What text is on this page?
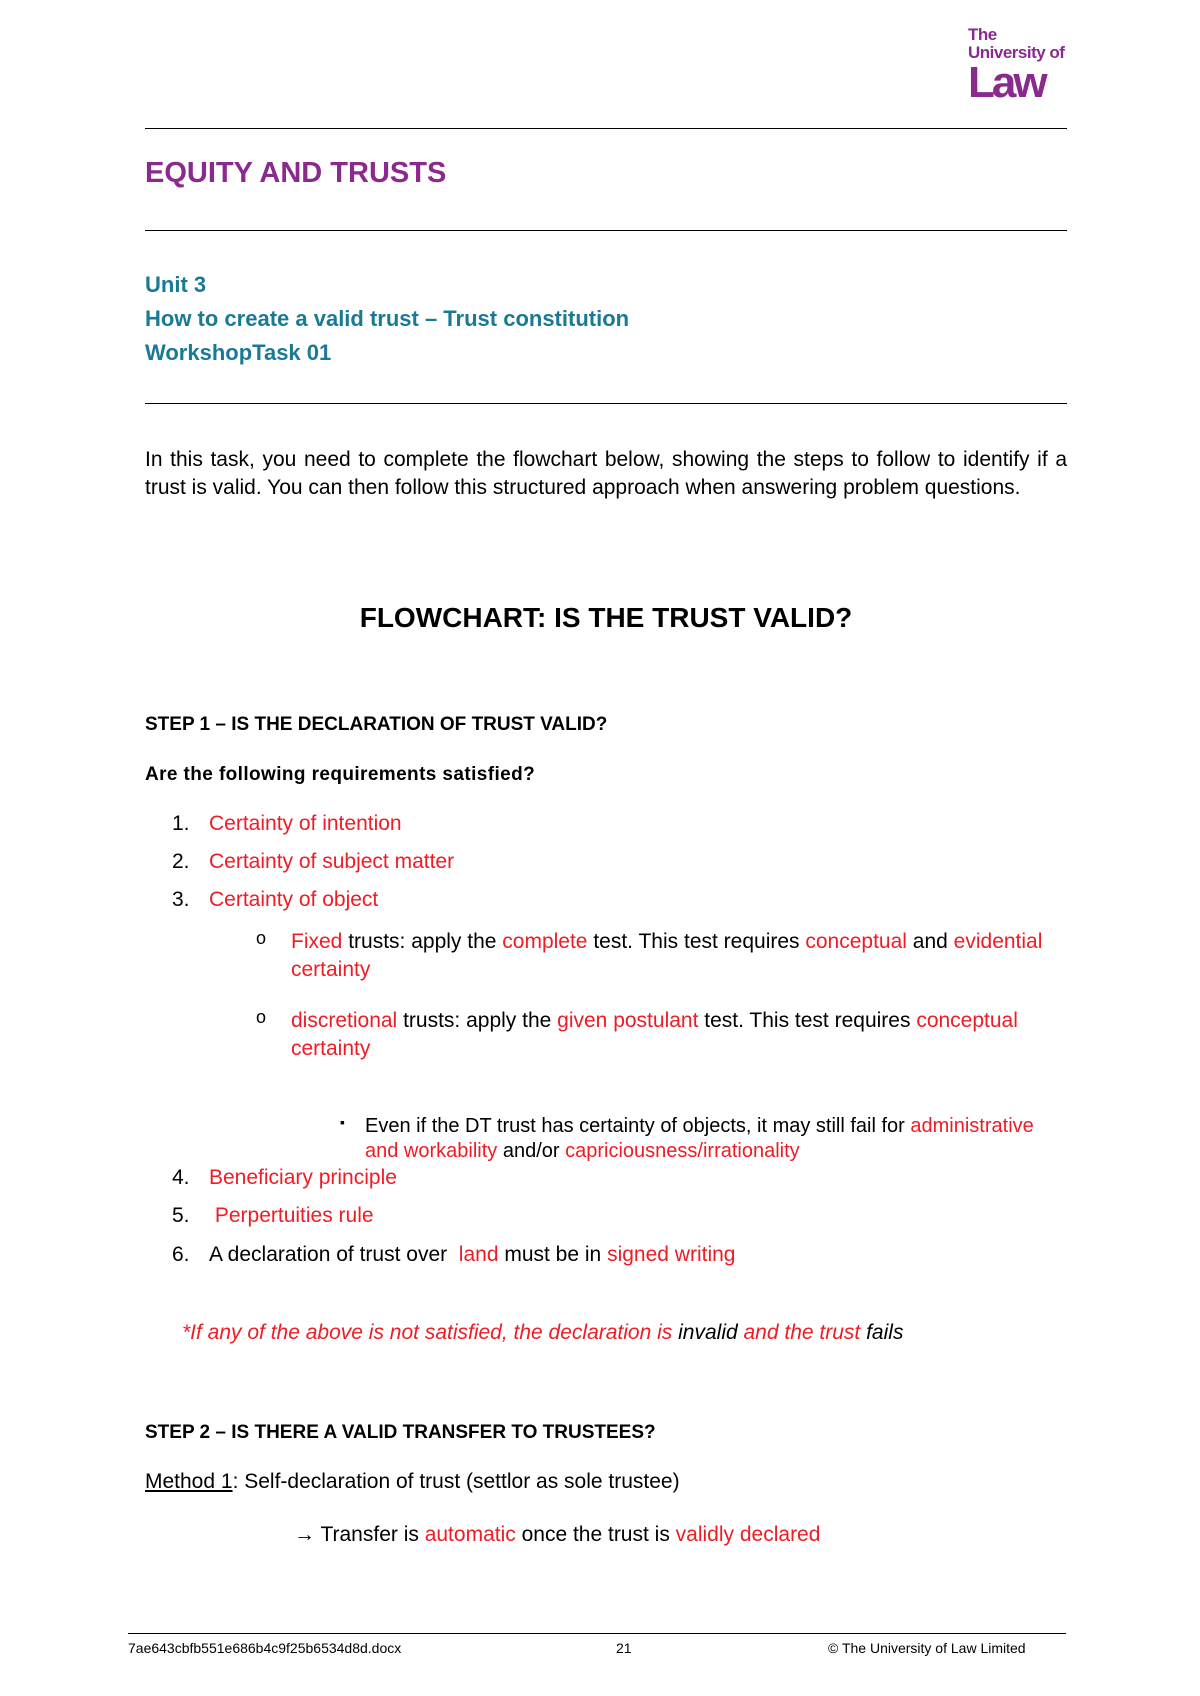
The
University of
Law
EQUITY AND TRUSTS
Unit 3
How to create a valid trust – Trust constitution
WorkshopTask 01
In this task, you need to complete the flowchart below, showing the steps to follow to identify if a trust is valid. You can then follow this structured approach when answering problem questions.
FLOWCHART: IS THE TRUST VALID?
STEP 1 – IS THE DECLARATION OF TRUST VALID?
Are the following requirements satisfied?
1. Certainty of intention
2. Certainty of subject matter
3. Certainty of object
o Fixed trusts: apply the complete test. This test requires conceptual and evidential certainty
o discretional trusts: apply the given postulant test. This test requires conceptual certainty
▪ Even if the DT trust has certainty of objects, it may still fail for administrative and workability and/or capriciousness/irrationality
4. Beneficiary principle
5. Perpertuities rule
6. A declaration of trust over  land must be in signed writing
*If any of the above is not satisfied, the declaration is invalid and the trust fails
STEP 2 – IS THERE A VALID TRANSFER TO TRUSTEES?
Method 1: Self-declaration of trust (settlor as sole trustee)
→ Transfer is automatic once the trust is validly declared
7ae643cbfb551e686b4c9f25b6534d8d.docx	21	© The University of Law Limited
